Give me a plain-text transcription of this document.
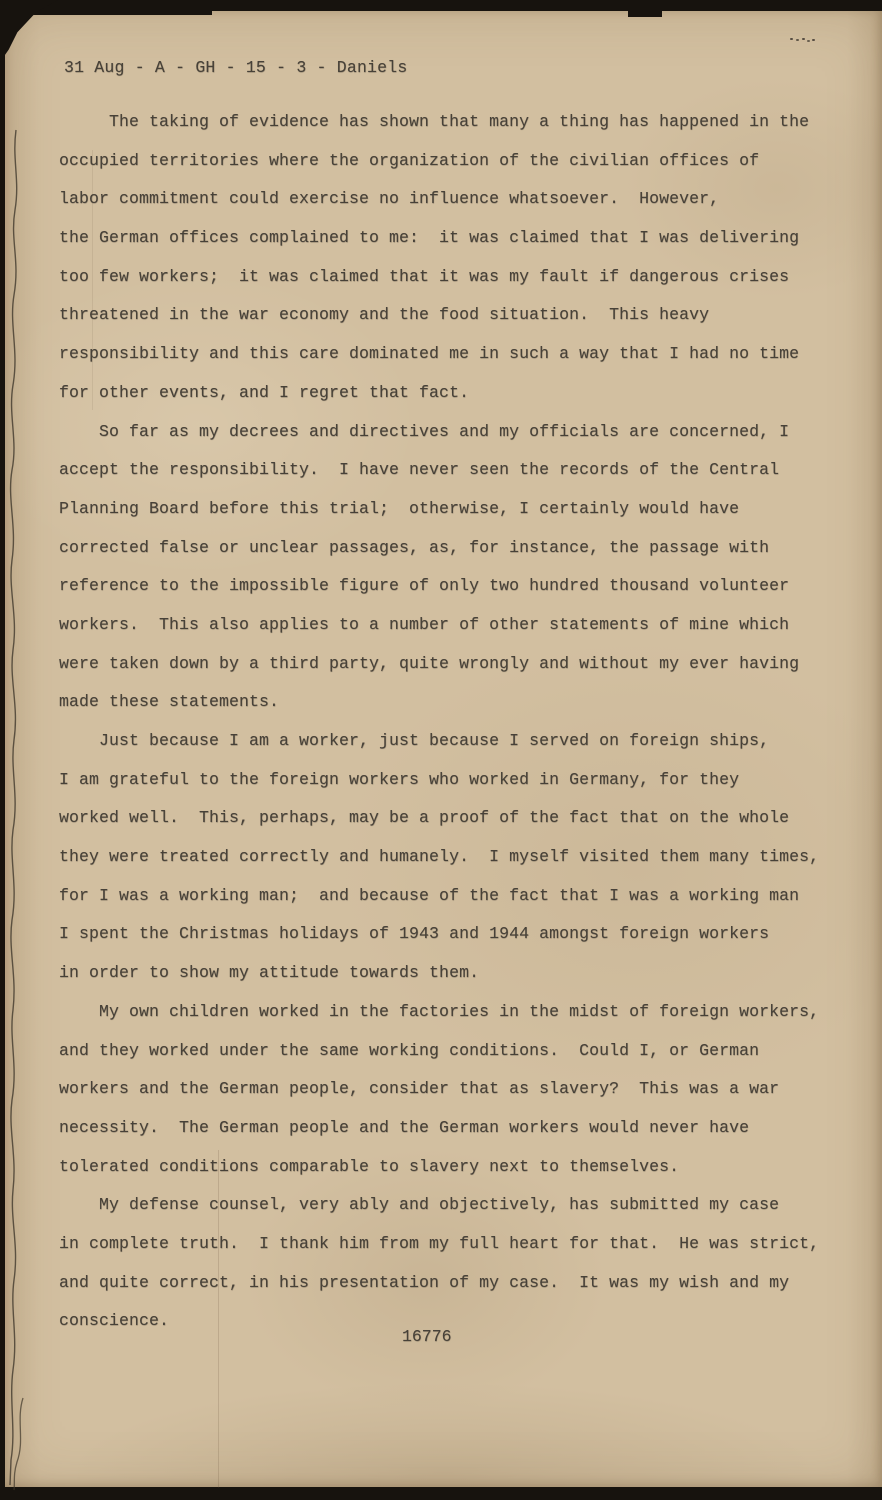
31 Aug - A - GH - 15 - 3 - Daniels
The taking of evidence has shown that many a thing has happened in the
occupied territories where the organization of the civilian offices of
labor commitment could exercise no influence whatsoever.  However,
the German offices complained to me:  it was claimed that I was delivering
too few workers;  it was claimed that it was my fault if dangerous crises
threatened in the war economy and the food situation.  This heavy
responsibility and this care dominated me in such a way that I had no time
for other events, and I regret that fact.
So far as my decrees and directives and my officials are concerned, I
accept the responsibility.  I have never seen the records of the Central
Planning Board before this trial;  otherwise, I certainly would have
corrected false or unclear passages, as, for instance, the passage with
reference to the impossible figure of only two hundred thousand volunteer
workers.  This also applies to a number of other statements of mine which
were taken down by a third party, quite wrongly and without my ever having
made these statements.
Just because I am a worker, just because I served on foreign ships,
I am grateful to the foreign workers who worked in Germany, for they
worked well.  This, perhaps, may be a proof of the fact that on the whole
they were treated correctly and humanely.  I myself visited them many times,
for I was a working man;  and because of the fact that I was a working man
I spent the Christmas holidays of 1943 and 1944 amongst foreign workers
in order to show my attitude towards them.
My own children worked in the factories in the midst of foreign workers,
and they worked under the same working conditions.  Could I, or German
workers and the German people, consider that as slavery?  This was a war
necessity.  The German people and the German workers would never have
tolerated conditions comparable to slavery next to themselves.
My defense counsel, very ably and objectively, has submitted my case
in complete truth.  I thank him from my full heart for that.  He was strict,
and quite correct, in his presentation of my case.  It was my wish and my
conscience.
16776
